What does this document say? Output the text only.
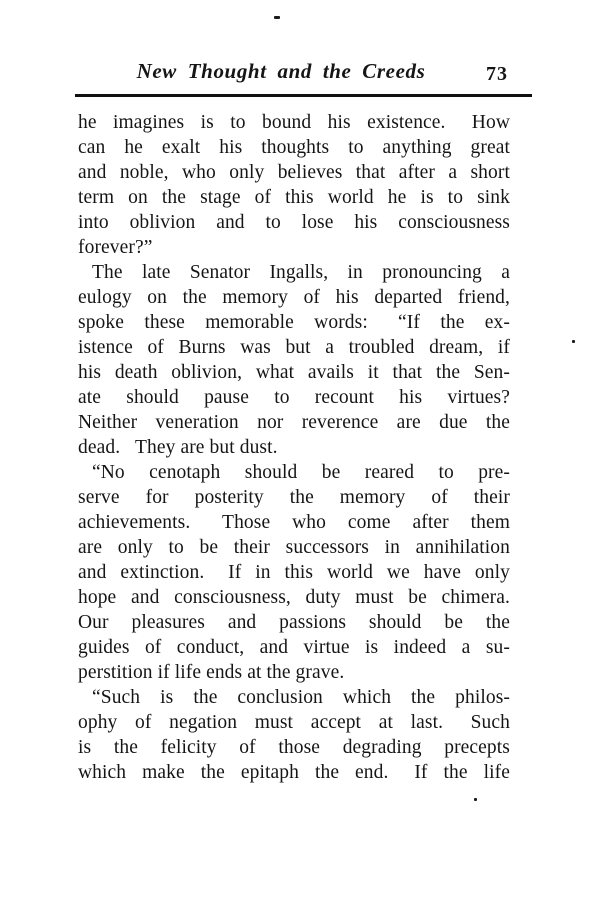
New Thought and the Creeds	73
he imagines is to bound his existence.  How
can he exalt his thoughts to anything great
and noble, who only believes that after a short
term on the stage of this world he is to sink
into oblivion and to lose his consciousness
forever?”
The late Senator Ingalls, in pronouncing a
eulogy on the memory of his departed friend,
spoke these memorable words:  “If the ex-
istence of Burns was but a troubled dream, if
his death oblivion, what avails it that the Sen-
ate should pause to recount his virtues?
Neither veneration nor reverence are due the
dead.  They are but dust.
“No cenotaph should be reared to pre-
serve for posterity the memory of their
achievements.  Those who come after them
are only to be their successors in annihilation
and extinction.  If in this world we have only
hope and consciousness, duty must be chimera.
Our pleasures and passions should be the
guides of conduct, and virtue is indeed a su-
perstition if life ends at the grave.
“Such is the conclusion which the philos-
ophy of negation must accept at last.  Such
is the felicity of those degrading precepts
which make the epitaph the end.  If the life
